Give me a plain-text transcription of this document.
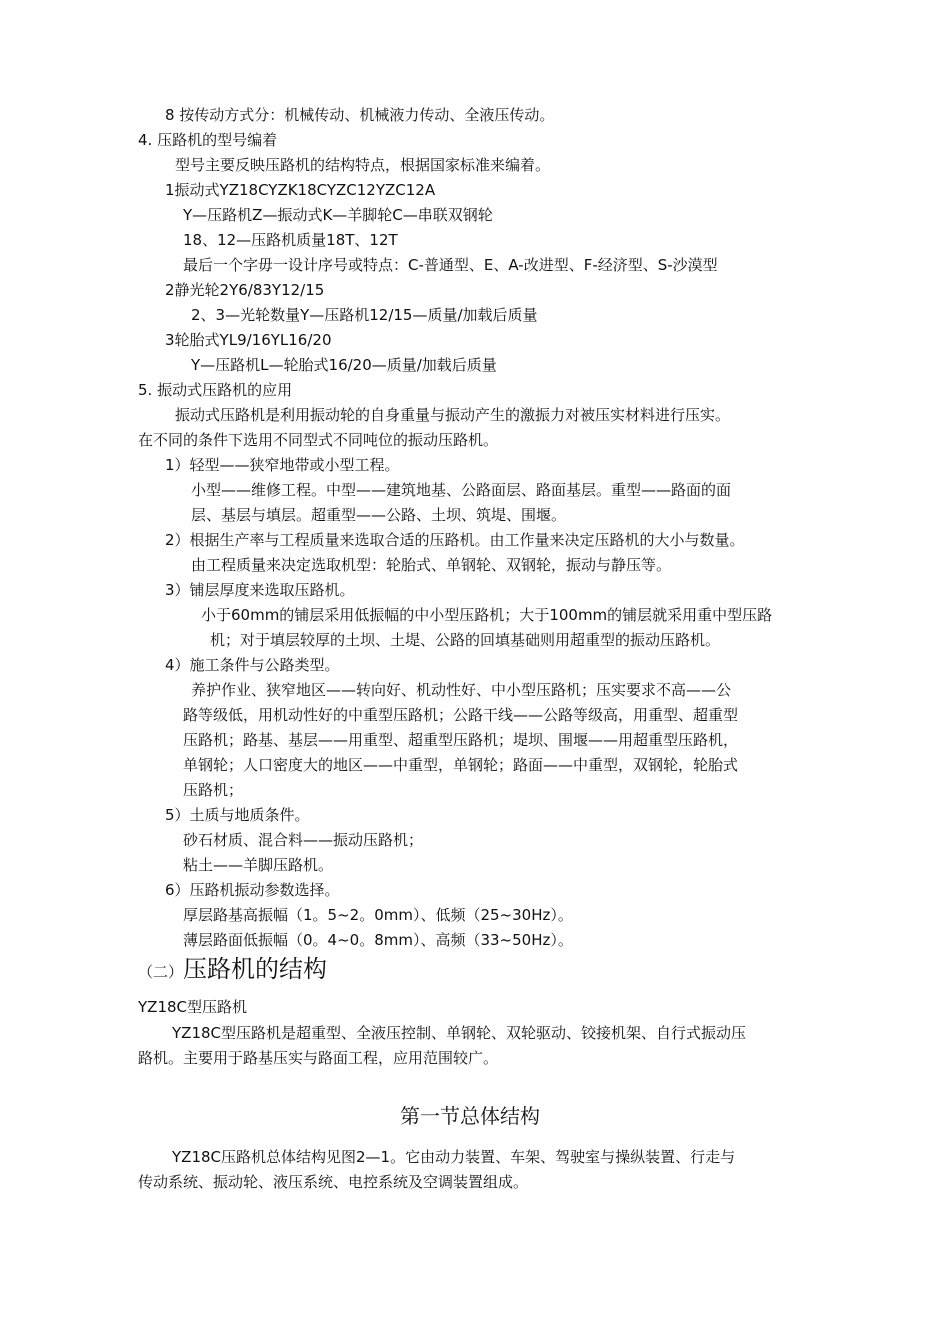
8 按传动方式分：机械传动、机械液力传动、全液压传动。
4. 压路机的型号编着
型号主要反映压路机的结构特点，根据国家标准来编着。
1振动式YZ18CYZK18CYZC12YZC12A
Y—压路机Z—振动式K—羊脚轮C—串联双钢轮
18、12—压路机质量18T、12T
最后一个字毋一设计序号或特点：C-普通型、E、A-改进型、F-经济型、S-沙漠型
2静光轮2Y6/83Y12/15
2、3—光轮数量Y—压路机12/15—质量/加载后质量
3轮胎式YL9/16YL16/20
Y—压路机L—轮胎式16/20—质量/加载后质量
5. 振动式压路机的应用
振动式压路机是利用振动轮的自身重量与振动产生的激振力对被压实材料进行压实。
在不同的条件下选用不同型式不同吨位的振动压路机。
1）轻型——狭窄地带或小型工程。
小型——维修工程。中型——建筑地基、公路面层、路面基层。重型——路面的面
层、基层与填层。超重型——公路、土坝、筑堤、围堰。
2）根据生产率与工程质量来选取合适的压路机。由工作量来决定压路机的大小与数量。
由工程质量来决定选取机型：轮胎式、单钢轮、双钢轮，振动与静压等。
3）铺层厚度来选取压路机。
小于60mm的铺层采用低振幅的中小型压路机；大于100mm的铺层就采用重中型压路
机；对于填层较厚的土坝、土堤、公路的回填基础则用超重型的振动压路机。
4）施工条件与公路类型。
养护作业、狭窄地区——转向好、机动性好、中小型压路机；压实要求不高——公
路等级低，用机动性好的中重型压路机；公路干线——公路等级高，用重型、超重型
压路机；路基、基层——用重型、超重型压路机；堤坝、围堰——用超重型压路机，
单钢轮；人口密度大的地区——中重型，单钢轮；路面——中重型，双钢轮，轮胎式
压路机；
5）土质与地质条件。
砂石材质、混合料——振动压路机；
粘土——羊脚压路机。
6）压路机振动参数选择。
厚层路基高振幅（1。5~2。0mm）、低频（25~30Hz）。
薄层路面低振幅（0。4~0。8mm）、高频（33~50Hz）。
（二）压路机的结构
YZ18C型压路机
YZ18C型压路机是超重型、全液压控制、单钢轮、双轮驱动、铰接机架、自行式振动压
路机。主要用于路基压实与路面工程，应用范围较广。
第一节总体结构
YZ18C压路机总体结构见图2—1。它由动力装置、车架、驾驶室与操纵装置、行走与
传动系统、振动轮、液压系统、电控系统及空调装置组成。
